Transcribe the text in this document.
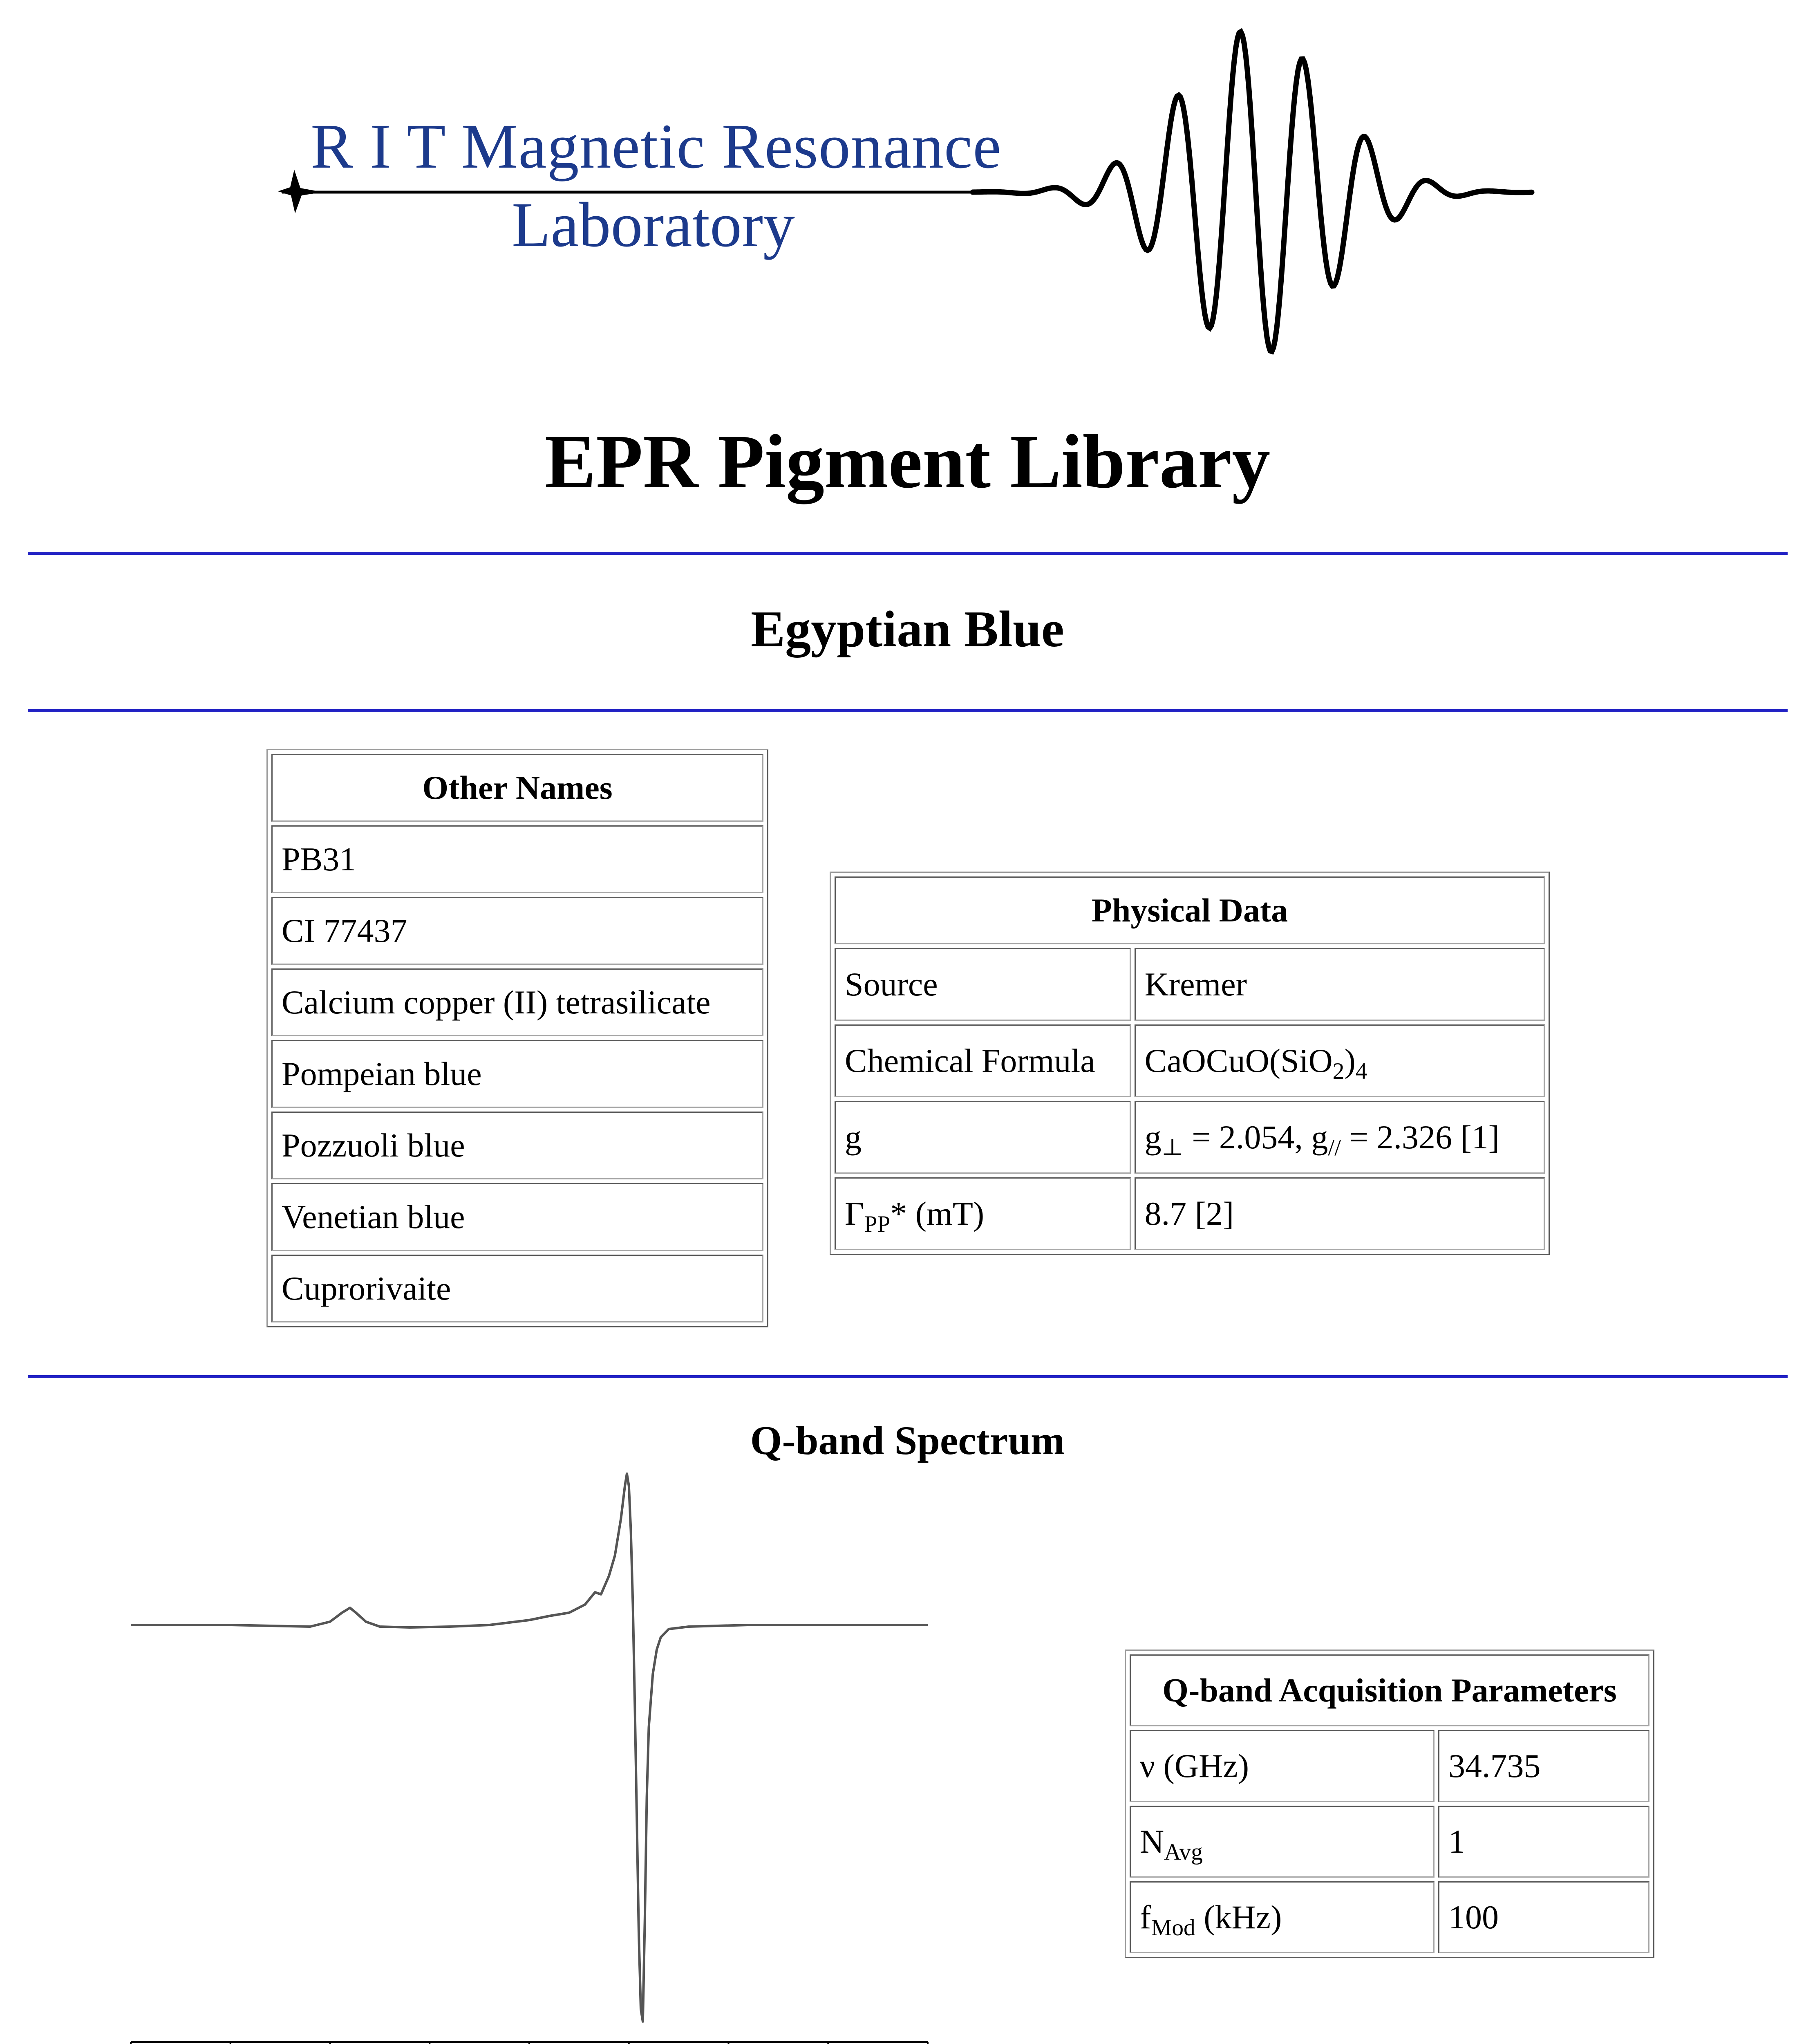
R I T Magnetic Resonance
Laboratory
EPR Pigment Library
Egyptian Blue
Other Names
PB31
CI 77437
Calcium copper (II) tetrasilicate
Pompeian blue
Pozzuoli blue
Venetian blue
Cuprorivaite
Physical Data	
Source	Kremer
Chemical Formula	$CaOCuO(SiO_2)_4$
g	$g_\perp = 2.054$, $g_{//} = 2.326$ [1]
$\Gamma_{PP}*$ (mT)	8.7 [2]
Q-band Spectrum
Q-band Acquisition Parameters	
ν (GHz)	34.735
$N_{Avg}$	1
$f_{Mod}$ (kHz)	100
